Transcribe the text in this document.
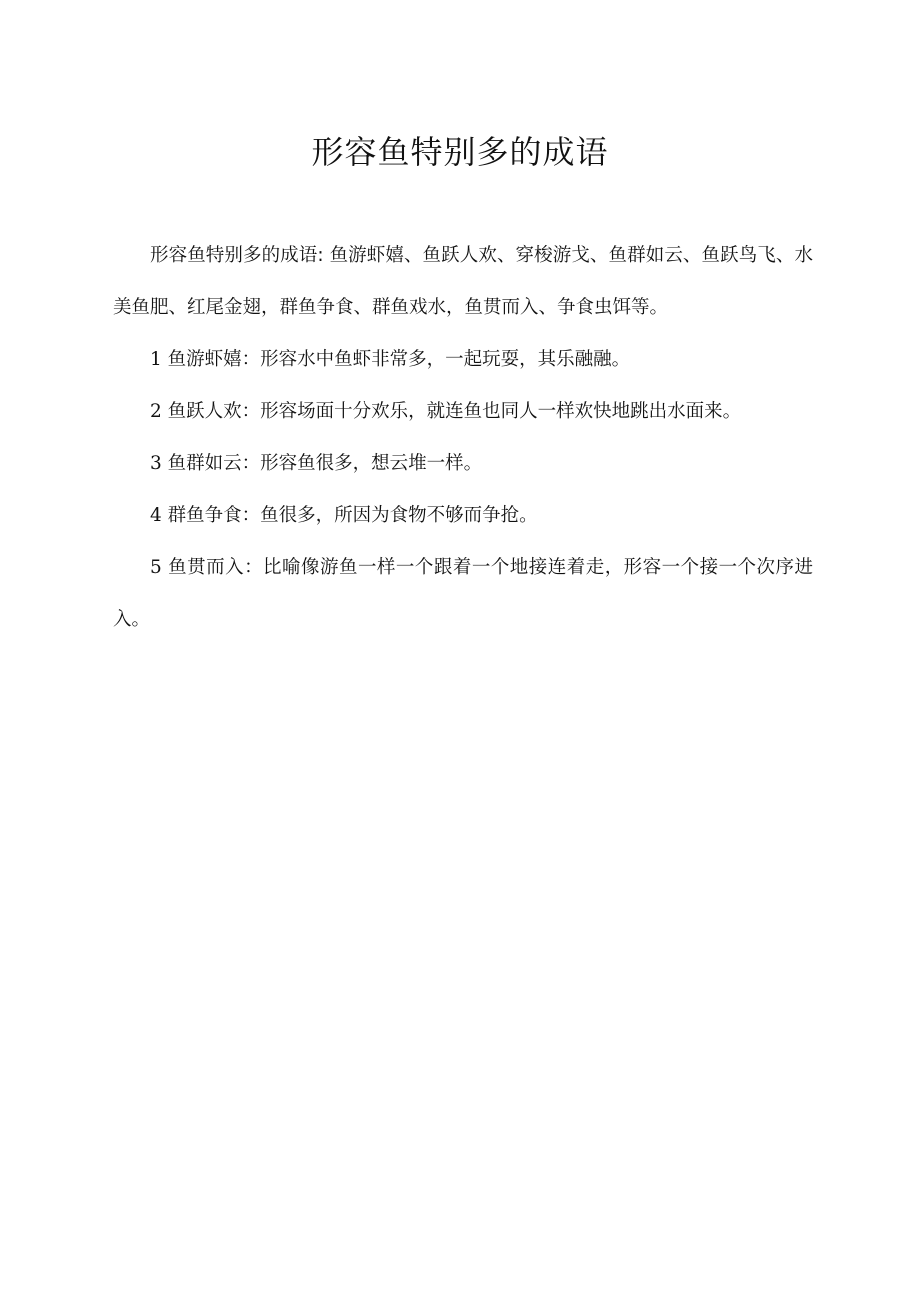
形容鱼特别多的成语

形容鱼特别多的成语: 鱼游虾嬉、鱼跃人欢、穿梭游戈、鱼群如云、鱼跃鸟飞、水美鱼肥、红尾金翅，群鱼争食、群鱼戏水，鱼贯而入、争食虫饵等。

1 鱼游虾嬉：形容水中鱼虾非常多，一起玩耍，其乐融融。

2 鱼跃人欢：形容场面十分欢乐，就连鱼也同人一样欢快地跳出水面来。

3 鱼群如云：形容鱼很多，想云堆一样。

4 群鱼争食：鱼很多，所因为食物不够而争抢。

5 鱼贯而入：比喻像游鱼一样一个跟着一个地接连着走，形容一个接一个次序进入。
